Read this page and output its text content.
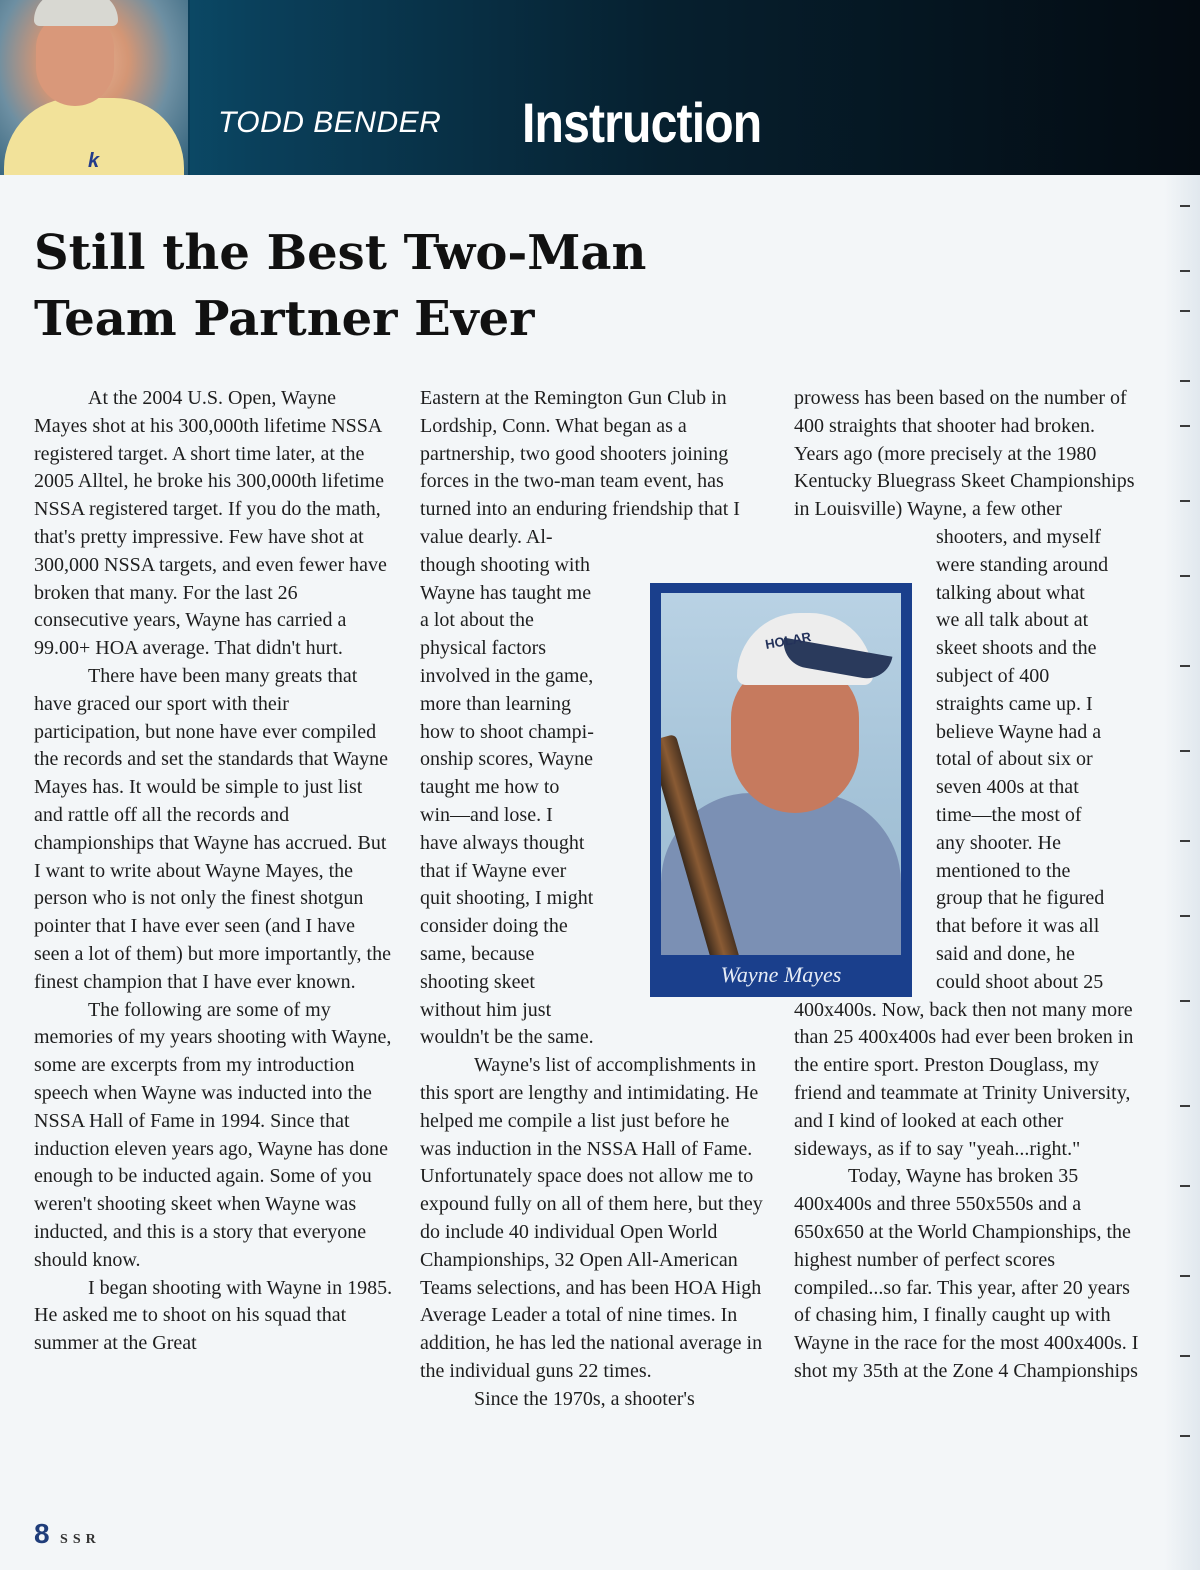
k
TODD BENDER Instruction
Still the Best Two-Man
Team Partner Ever

At the 2004 U.S. Open, Wayne Mayes shot at his 300,000th lifetime NSSA registered target. A short time later, at the 2005 Alltel, he broke his 300,000th lifetime NSSA registered target. If you do the math, that's pretty impressive. Few have shot at 300,000 NSSA targets, and even fewer have broken that many. For the last 26 consecutive years, Wayne has carried a 99.00+ HOA average. That didn't hurt.

There have been many greats that have graced our sport with their participation, but none have ever compiled the records and set the standards that Wayne Mayes has. It would be simple to just list and rattle off all the records and championships that Wayne has accrued. But I want to write about Wayne Mayes, the person who is not only the finest shotgun pointer that I have ever seen (and I have seen a lot of them) but more importantly, the finest champion that I have ever known.

The following are some of my memories of my years shooting with Wayne, some are excerpts from my introduction speech when Wayne was inducted into the NSSA Hall of Fame in 1994. Since that induction eleven years ago, Wayne has done enough to be inducted again. Some of you weren't shooting skeet when Wayne was inducted, and this is a story that everyone should know.

I began shooting with Wayne in 1985. He asked me to shoot on his squad that summer at the Great

Eastern at the Remington Gun Club in Lordship, Conn. What began as a partnership, two good shooters joining forces in the two-man team event, has turned into an enduring friendship that I value dearly. Al-

though shooting with
Wayne has taught me
a lot about the
physical factors
involved in the game,
more than learning
how to shoot champi-
onship scores, Wayne
taught me how to
win—and lose. I
have always thought
that if Wayne ever
quit shooting, I might
consider doing the
same, because
shooting skeet
without him just
wouldn't be the same.

Wayne's list of accomplishments in this sport are lengthy and intimidating. He helped me compile a list just before he was induction in the NSSA Hall of Fame. Unfortunately space does not allow me to expound fully on all of them here, but they do include 40 individual Open World Championships, 32 Open All-American Teams selections, and has been HOA High Average Leader a total of nine times. In addition, he has led the national average in the individual guns 22 times.

Since the 1970s, a shooter's

prowess has been based on the number of 400 straights that shooter had broken. Years ago (more precisely at the 1980 Kentucky Bluegrass Skeet Championships in Louisville) Wayne, a few other

shooters, and myself
were standing around
talking about what
we all talk about at
skeet shoots and the
subject of 400
straights came up. I
believe Wayne had a
total of about six or
seven 400s at that
time—the most of
any shooter. He
mentioned to the
group that he figured
that before it was all
said and done, he
could shoot about 25

400x400s. Now, back then not many more than 25 400x400s had ever been broken in the entire sport. Preston Douglass, my friend and teammate at Trinity University, and I kind of looked at each other sideways, as if to say "yeah...right."

Today, Wayne has broken 35 400x400s and three 550x550s and a 650x650 at the World Championships, the highest number of perfect scores compiled...so far. This year, after 20 years of chasing him, I finally caught up with Wayne in the race for the most 400x400s. I shot my 35th at the Zone 4 Championships

HOLAR
Wayne Mayes
8 SSR
